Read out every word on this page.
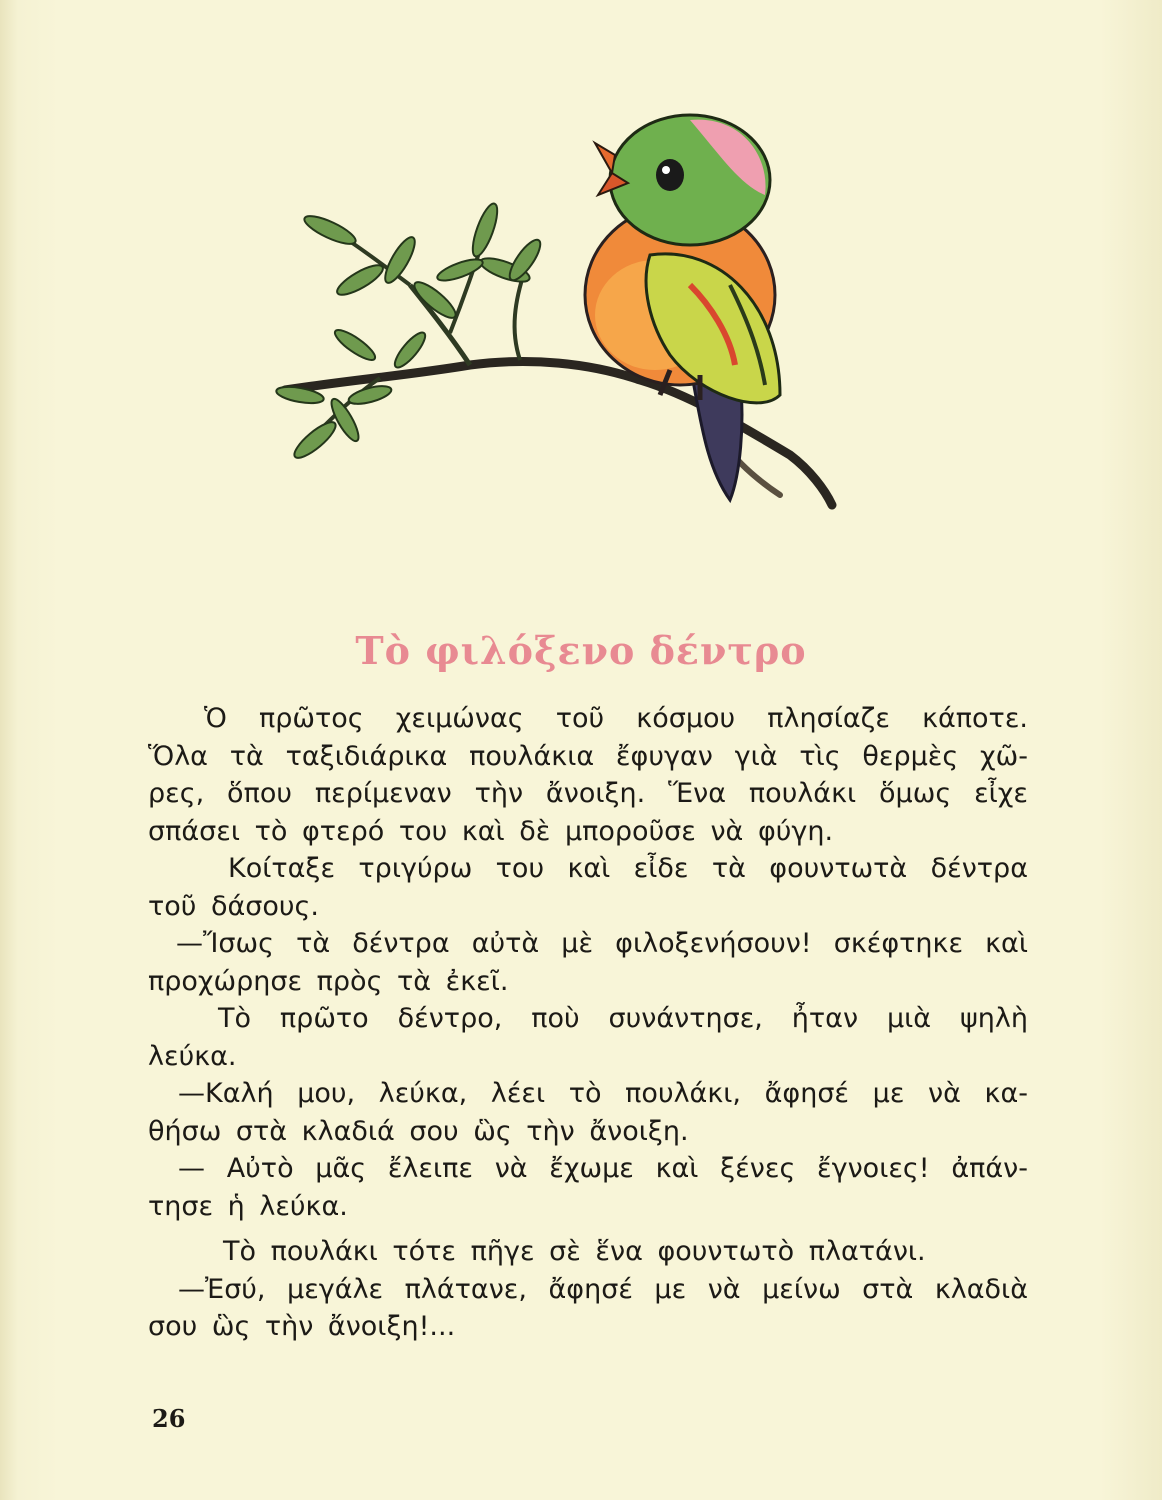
Τὸ φιλόξενο δέντρο
Ὁ πρῶτος χειμώνας τοῦ κόσμου πλησίαζε κάποτε.
Ὅλα τὰ ταξιδιάρικα πουλάκια ἔφυγαν γιὰ τὶς θερμὲς χῶ-
ρες, ὅπου περίμεναν τὴν ἄνοιξη. Ἕνα πουλάκι ὅμως εἶχε
σπάσει τὸ φτερό του καὶ δὲ μποροῦσε νὰ φύγη.
Κοίταξε τριγύρω του καὶ εἶδε τὰ φουντωτὰ δέντρα
τοῦ δάσους.
—Ἴσως τὰ δέντρα αὐτὰ μὲ φιλοξενήσουν! σκέφτηκε καὶ
προχώρησε πρὸς τὰ ἐκεῖ.
Τὸ πρῶτο δέντρο, ποὺ συνάντησε, ἦταν μιὰ ψηλὴ
λεύκα.
—Καλή μου, λεύκα, λέει τὸ πουλάκι, ἄφησέ με νὰ κα-
θήσω στὰ κλαδιά σου ὣς τὴν ἄνοιξη.
— Αὐτὸ μᾶς ἔλειπε νὰ ἔχωμε καὶ ξένες ἔγνοιες! ἀπάν-
τησε ἡ λεύκα.
Τὸ πουλάκι τότε πῆγε σὲ ἕνα φουντωτὸ πλατάνι.
—Ἐσύ, μεγάλε πλάτανε, ἄφησέ με νὰ μείνω στὰ κλαδιὰ
σου ὣς τὴν ἄνοιξη!...
26
